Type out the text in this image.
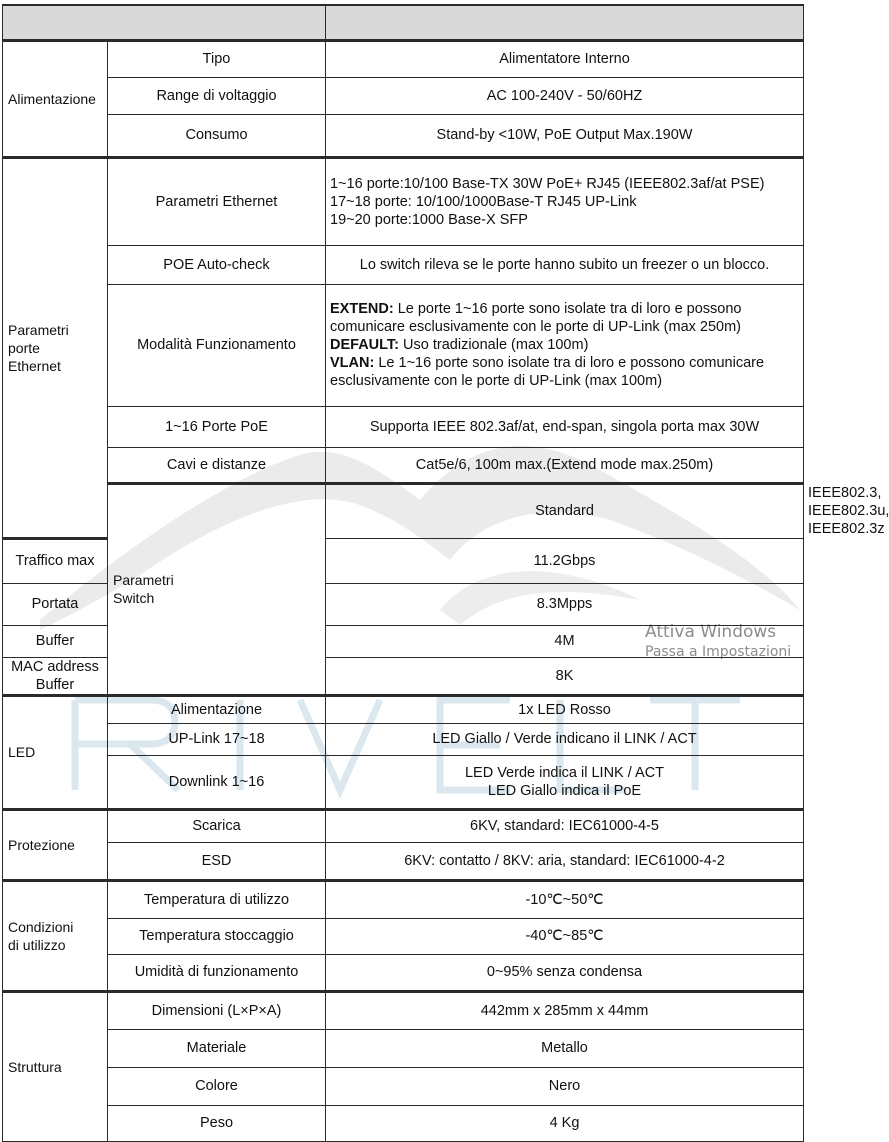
Attiva Windows
Passa a Impostazioni

Alimentazione	Tipo	Alimentatore Interno	
	Range di voltaggio	AC 100-240V - 50/60HZ	
	Consumo	Stand-by <10W, PoE Output Max.190W	

Parametri
porte
Ethernet	Parametri Ethernet	1~16 porte:10/100 Base-TX 30W PoE+ RJ45 (IEEE802.3af/at PSE)
17~18 porte: 10/100/1000Base-T RJ45 UP-Link
19~20 porte:1000 Base-X SFP	

	POE Auto-check	Lo switch rileva se le porte hanno subito un freezer o un blocco.	
	Modalità Funzionamento	EXTEND: Le porte 1~16 porte sono isolate tra di loro e possono comunicare esclusivamente con le porte di UP-Link (max 250m)
DEFAULT: Uso tradizionale (max 100m)
VLAN: Le 1~16 porte sono isolate tra di loro e possono comunicare esclusivamente con le porte di UP-Link (max 100m)	
	1~16 Porte PoE	Supporta IEEE 802.3af/at, end-span, singola porta max 30W	
	Cavi e distanze	Cat5e/6, 100m max.(Extend mode max.250m)	

	Parametri
Switch	Standard	IEEE802.3, IEEE802.3u, IEEE802.3z
Traffico max		11.2Gbps	
Portata		8.3Mpps	
Buffer		4M	
MAC address Buffer		8K	
LED	Alimentazione	1x LED Rosso	
	UP-Link 17~18	LED Giallo / Verde indicano il LINK / ACT	
	Downlink 1~16	LED Verde indica il LINK / ACT
LED Giallo indica il PoE	

Protezione	Scarica	6KV, standard: IEC61000-4-5	
	ESD	6KV: contatto / 8KV: aria, standard: IEC61000-4-2	

Condizioni
di utilizzo	Temperatura di utilizzo	-10℃~50℃	
	Temperatura stoccaggio	-40℃~85℃	
	Umidità di funzionamento	0~95% senza condensa	
Struttura	Dimensioni (L×P×A)	442mm x 285mm x 44mm	
	Materiale	Metallo	
	Colore	Nero	
	Peso	4 Kg	
